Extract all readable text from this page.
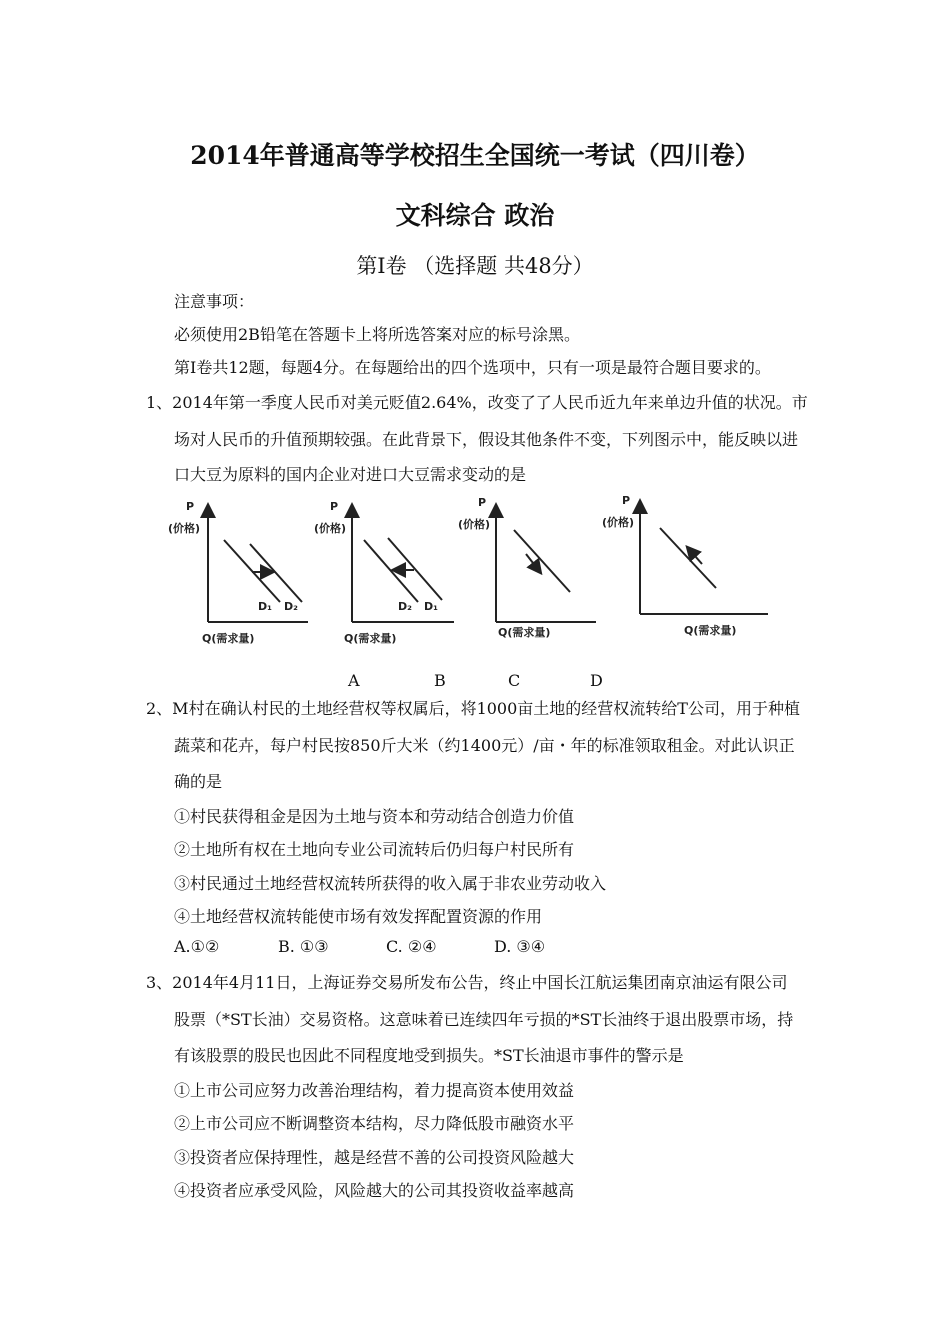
2014年普通高等学校招生全国统一考试（四川卷）
文科综合 政治
第Ⅰ卷 （选择题 共48分）
注意事项：
必须使用2B铅笔在答题卡上将所选答案对应的标号涂黑。
第Ⅰ卷共12题，每题4分。在每题给出的四个选项中，只有一项是最符合题目要求的。
1、2014年第一季度人民币对美元贬值2.64%，改变了了人民币近九年来单边升值的状况。市
场对人民币的升值预期较强。在此背景下，假设其他条件不变，下列图示中，能反映以进
口大豆为原料的国内企业对进口大豆需求变动的是
P
(价格)
D₁ D₂
Q(需求量)
P
(价格)
D₂ D₁
Q(需求量)
P
(价格)
Q(需求量)
P
(价格)
Q(需求量)
A	B	C	D
2、M村在确认村民的土地经营权等权属后，将1000亩土地的经营权流转给T公司，用于种植
蔬菜和花卉，每户村民按850斤大米（约1400元）/亩・年的标准领取租金。对此认识正
确的是
①村民获得租金是因为土地与资本和劳动结合创造力价值
②土地所有权在土地向专业公司流转后仍归每户村民所有
③村民通过土地经营权流转所获得的收入属于非农业劳动收入
④土地经营权流转能使市场有效发挥配置资源的作用
A.①②	B. ①③	C. ②④	D. ③④
3、2014年4月11日，上海证券交易所发布公告，终止中国长江航运集团南京油运有限公司
股票（*ST长油）交易资格。这意味着已连续四年亏损的*ST长油终于退出股票市场，持
有该股票的股民也因此不同程度地受到损失。*ST长油退市事件的警示是
①上市公司应努力改善治理结构，着力提高资本使用效益
②上市公司应不断调整资本结构，尽力降低股市融资水平
③投资者应保持理性，越是经营不善的公司投资风险越大
④投资者应承受风险，风险越大的公司其投资收益率越高
